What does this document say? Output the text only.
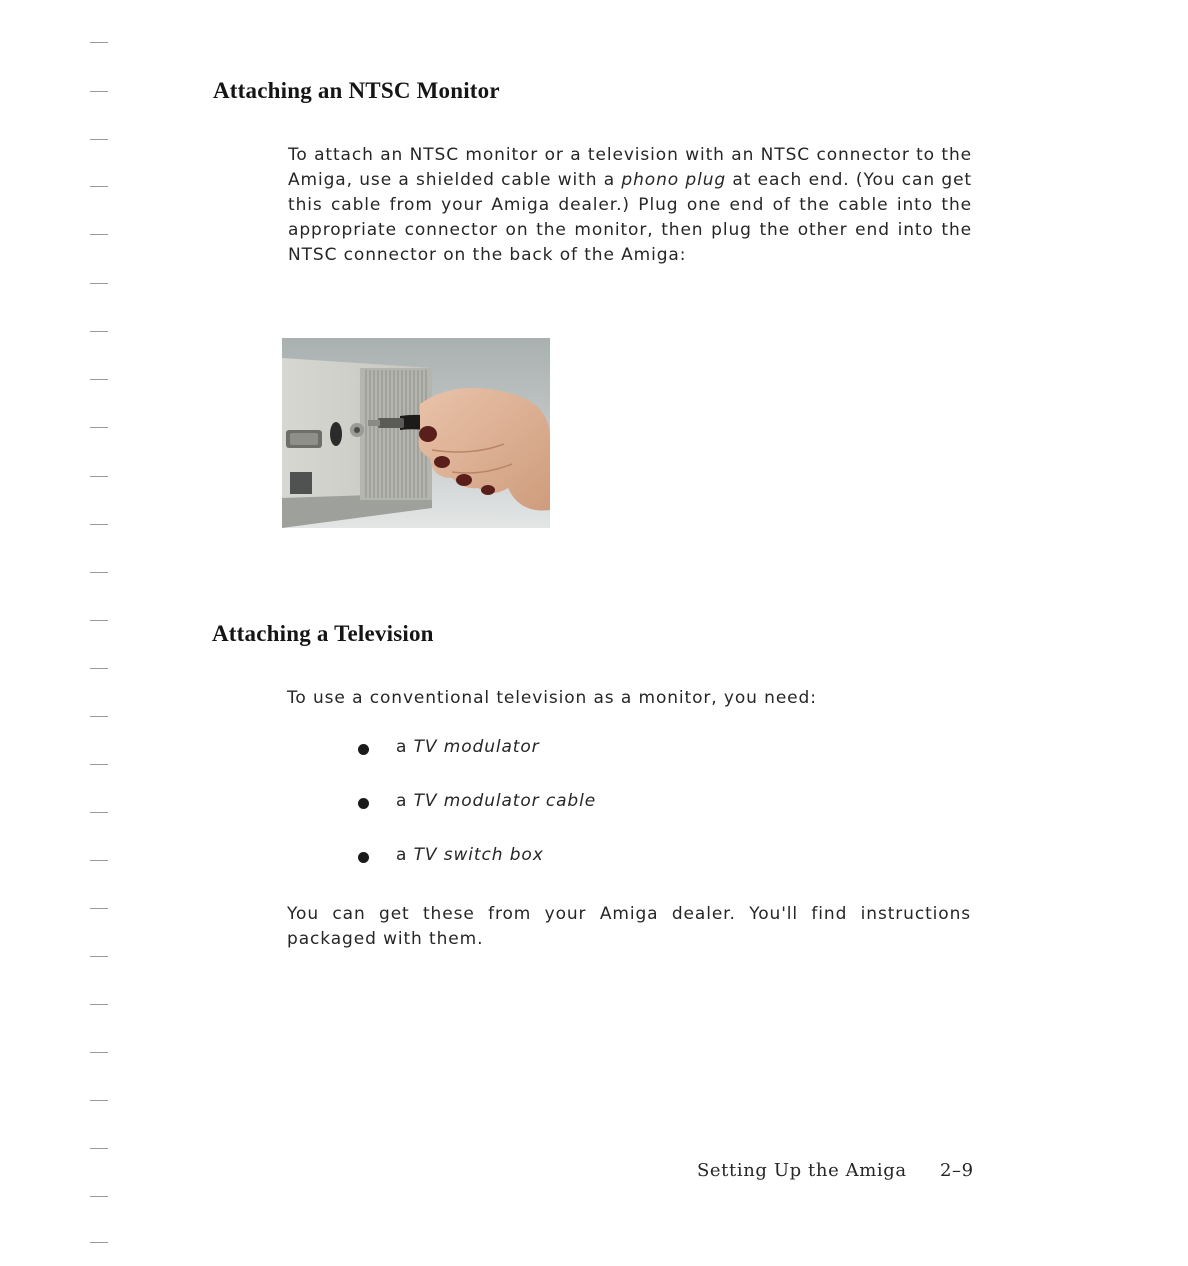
Attaching an NTSC Monitor

To attach an NTSC monitor or a television with an NTSC connector to the Amiga, use a shielded cable with a phono plug at each end. (You can get this cable from your Amiga dealer.) Plug one end of the cable into the appropriate connector on the monitor, then plug the other end into the NTSC connector on the back of the Amiga:

Attaching a Television

To use a conventional television as a monitor, you need:

a TV modulator
a TV modulator cable
a TV switch box

You can get these from your Amiga dealer. You'll find instructions packaged with them.

Setting Up the Amiga 2–9
